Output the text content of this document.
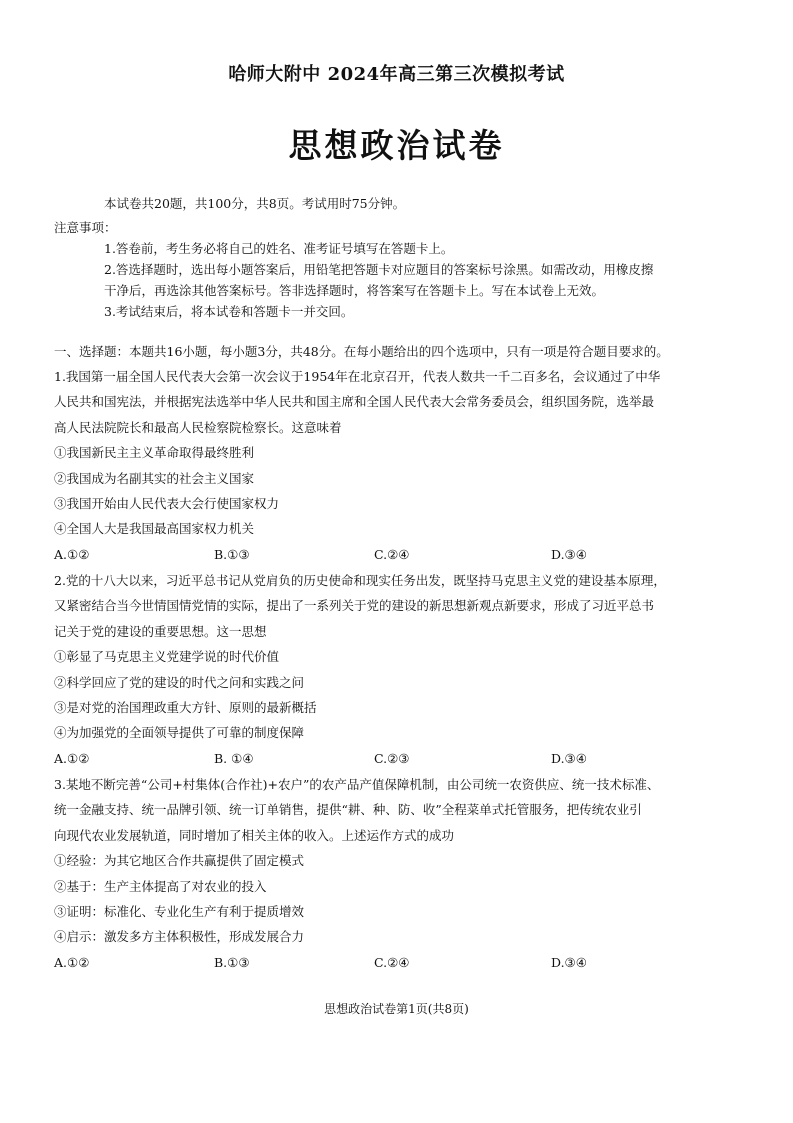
哈师大附中 2024年高三第三次模拟考试
思想政治试卷
本试卷共20题，共100分，共8页。考试用时75分钟。
注意事项：
1.答卷前，考生务必将自己的姓名、准考证号填写在答题卡上。
2.答选择题时，选出每小题答案后，用铅笔把答题卡对应题目的答案标号涂黑。如需改动，用橡皮擦
干净后，再选涂其他答案标号。答非选择题时，将答案写在答题卡上。写在本试卷上无效。
3.考试结束后，将本试卷和答题卡一并交回。
一、选择题：本题共16小题，每小题3分，共48分。在每小题给出的四个选项中，只有一项是符合题目要求的。
1.我国第一届全国人民代表大会第一次会议于1954年在北京召开，代表人数共一千二百多名，会议通过了中华
人民共和国宪法，并根据宪法选举中华人民共和国主席和全国人民代表大会常务委员会，组织国务院，选举最
高人民法院院长和最高人民检察院检察长。这意味着
①我国新民主主义革命取得最终胜利
②我国成为名副其实的社会主义国家
③我国开始由人民代表大会行使国家权力
④全国人大是我国最高国家权力机关
A.①②	B.①③	C.②④	D.③④
2.党的十八大以来，习近平总书记从党肩负的历史使命和现实任务出发，既坚持马克思主义党的建设基本原理，
又紧密结合当今世情国情党情的实际，提出了一系列关于党的建设的新思想新观点新要求，形成了习近平总书
记关于党的建设的重要思想。这一思想
①彰显了马克思主义党建学说的时代价值
②科学回应了党的建设的时代之问和实践之问
③是对党的治国理政重大方针、原则的最新概括
④为加强党的全面领导提供了可靠的制度保障
A.①②	B. ①④	C.②③	D.③④
3.某地不断完善“公司+村集体(合作社)+农户”的农产品产值保障机制，由公司统一农资供应、统一技术标准、
统一金融支持、统一品牌引领、统一订单销售，提供“耕、种、防、收”全程菜单式托管服务，把传统农业引
向现代农业发展轨道，同时增加了相关主体的收入。上述运作方式的成功
①经验：为其它地区合作共赢提供了固定模式
②基于：生产主体提高了对农业的投入
③证明：标准化、专业化生产有利于提质增效
④启示：激发多方主体积极性，形成发展合力
A.①②	B.①③	C.②④	D.③④
思想政治试卷第1页(共8页)
